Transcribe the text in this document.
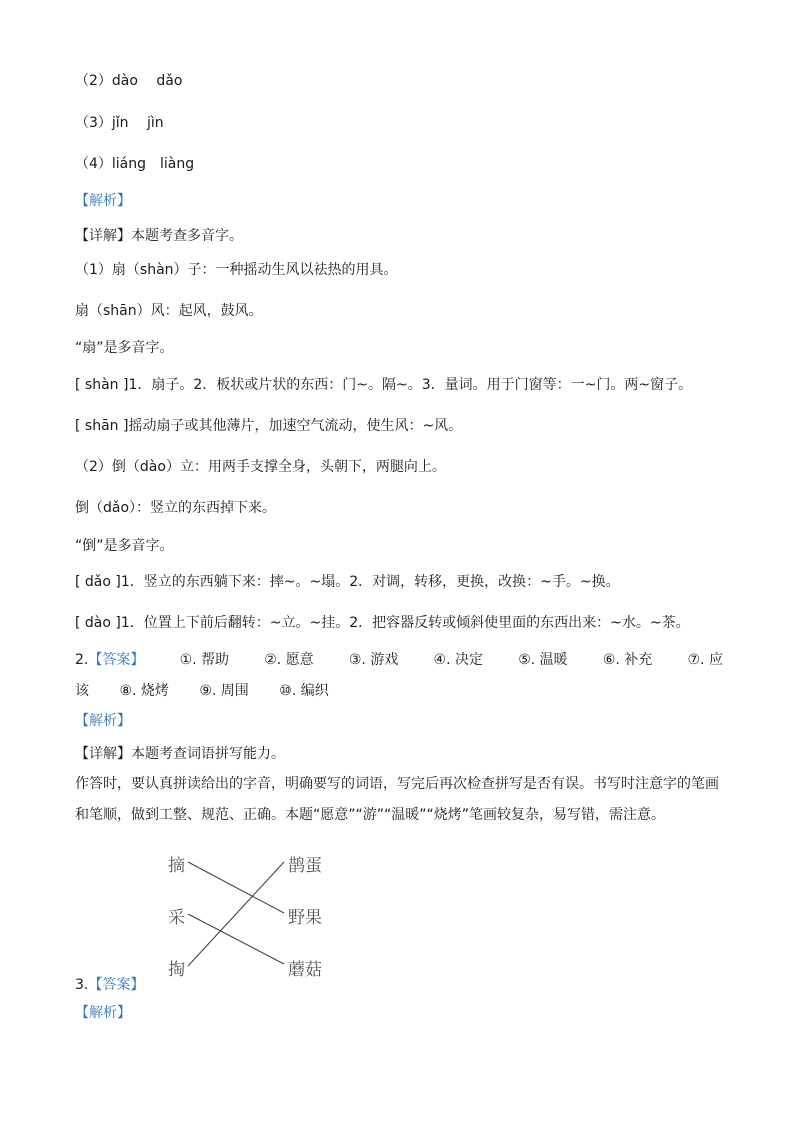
（2）dào　 dǎo
（3）jǐn　 jìn
（4）liáng　liàng
【解析】
【详解】本题考查多音字。
（1）扇（shàn）子：一种摇动生风以祛热的用具。
扇（shān）风：起风，鼓风。
“扇”是多音字。
[ shàn ]1．扇子。2．板状或片状的东西：门~。隔~。3．量词。用于门窗等：一~门。两~窗子。
[ shān ]摇动扇子或其他薄片，加速空气流动，使生风：~风。
（2）倒（dào）立：用两手支撑全身，头朝下，两腿向上。
倒（dǎo）：竖立的东西掉下来。
“倒”是多音字。
[ dǎo ]1．竖立的东西躺下来：摔~。~塌。2．对调，转移，更换，改换：~手。~换。
[ dào ]1．位置上下前后翻转：~立。~挂。2．把容器反转或倾斜使里面的东西出来：~水。~茶。
2.【答案】	①. 帮助	②. 愿意	③. 游戏	④. 决定	⑤. 温暖	⑥. 补充	⑦. 应
该 ⑧. 烧烤 ⑨. 周围 ⑩. 编织
【解析】
【详解】本题考查词语拼写能力。
作答时，要认真拼读给出的字音，明确要写的词语，写完后再次检查拼写是否有误。书写时注意字的笔画和笔顺，做到工整、规范、正确。本题“愿意”“游”“温暖”“烧烤”笔画较复杂，易写错，需注意。
摘
采
掏
鹊蛋
野果
蘑菇
3.【答案】
【解析】
